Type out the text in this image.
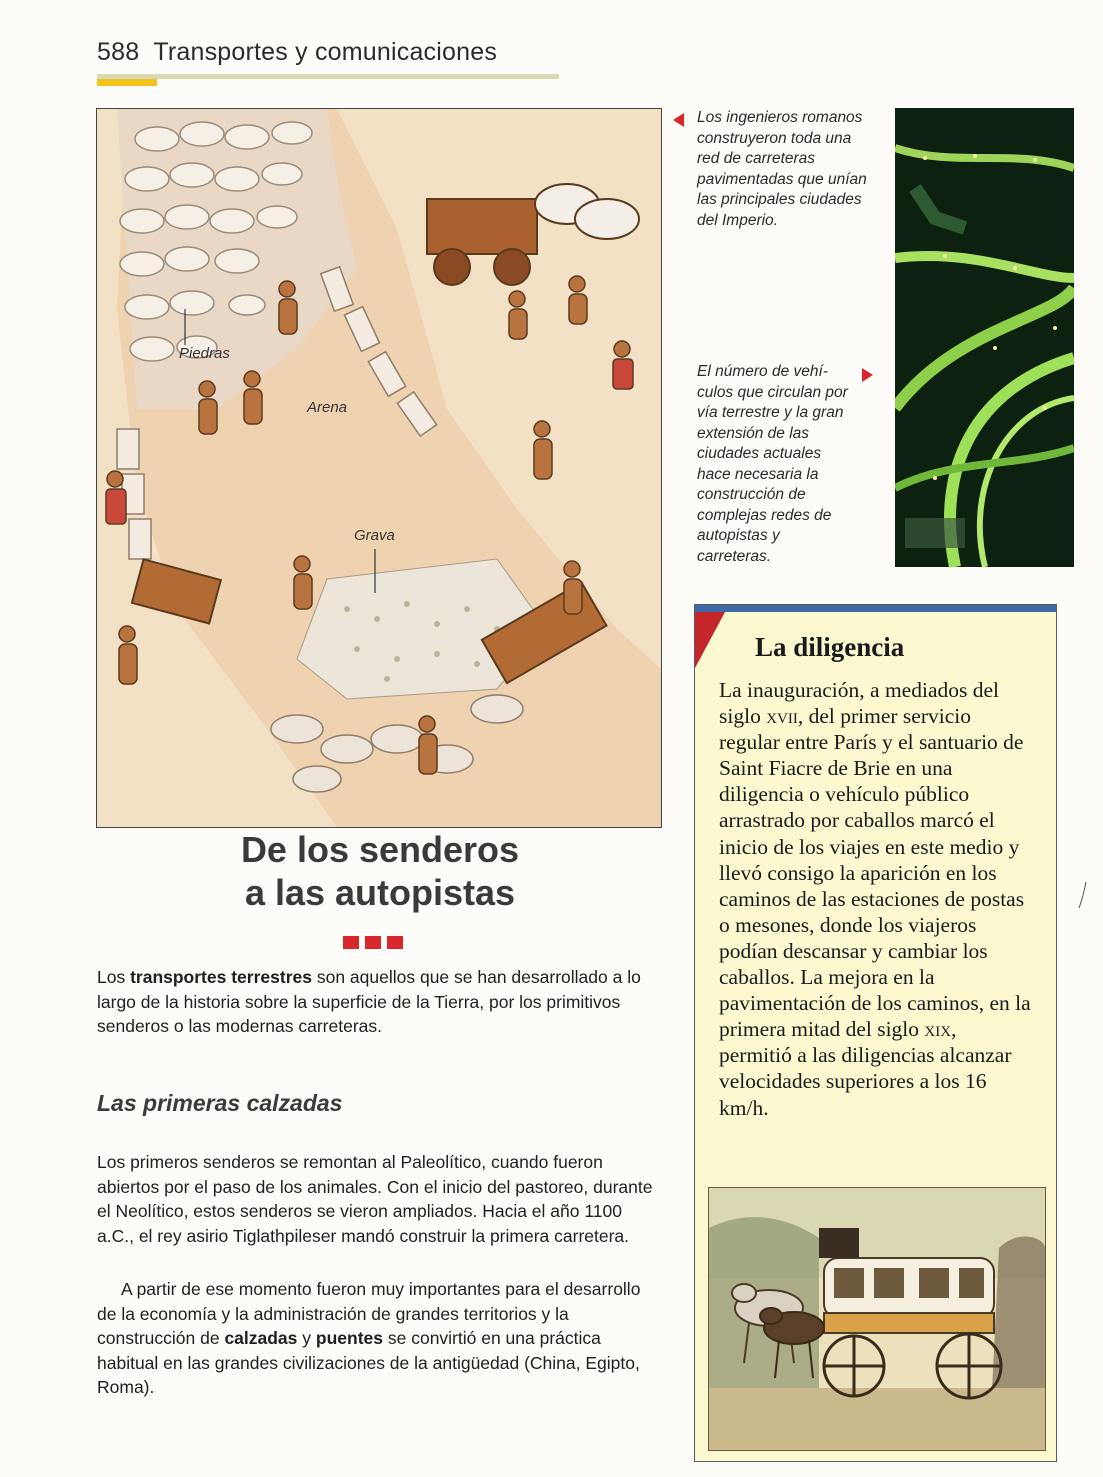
588 Transportes y comunicaciones
Piedras
Arena
Grava
Los ingenieros romanos construyeron toda una red de carreteras pavimentadas que unían las principales ciudades del Imperio.
El número de vehículos que circulan por vía terrestre y la gran extensión de las ciudades actuales hace necesaria la construcción de complejas redes de autopistas y carreteras.
De los senderos
a las autopistas
Los transportes terrestres son aquellos que se han desarrollado a lo largo de la historia sobre la superficie de la Tierra, por los primitivos senderos o las modernas carreteras.
Las primeras calzadas
Los primeros senderos se remontan al Paleolítico, cuando fueron abiertos por el paso de los animales. Con el inicio del pastoreo, durante el Neolítico, estos senderos se vieron ampliados. Hacia el año 1100 a.C., el rey asirio Tiglathpileser mandó construir la primera carretera.
A partir de ese momento fueron muy importantes para el desarrollo de la economía y la administración de grandes territorios y la construcción de calzadas y puentes se convirtió en una práctica habitual en las grandes civilizaciones de la antigüedad (China, Egipto, Roma).
La diligencia
La inauguración, a mediados del siglo xvii, del primer servicio regular entre París y el santuario de Saint Fiacre de Brie en una diligencia o vehículo público arrastrado por caballos marcó el inicio de los viajes en este medio y llevó consigo la aparición en los caminos de las estaciones de postas o mesones, donde los viajeros podían descansar y cambiar los caballos. La mejora en la pavimentación de los caminos, en la primera mitad del siglo xix, permitió a las diligencias alcanzar velocidades superiores a los 16 km/h.
